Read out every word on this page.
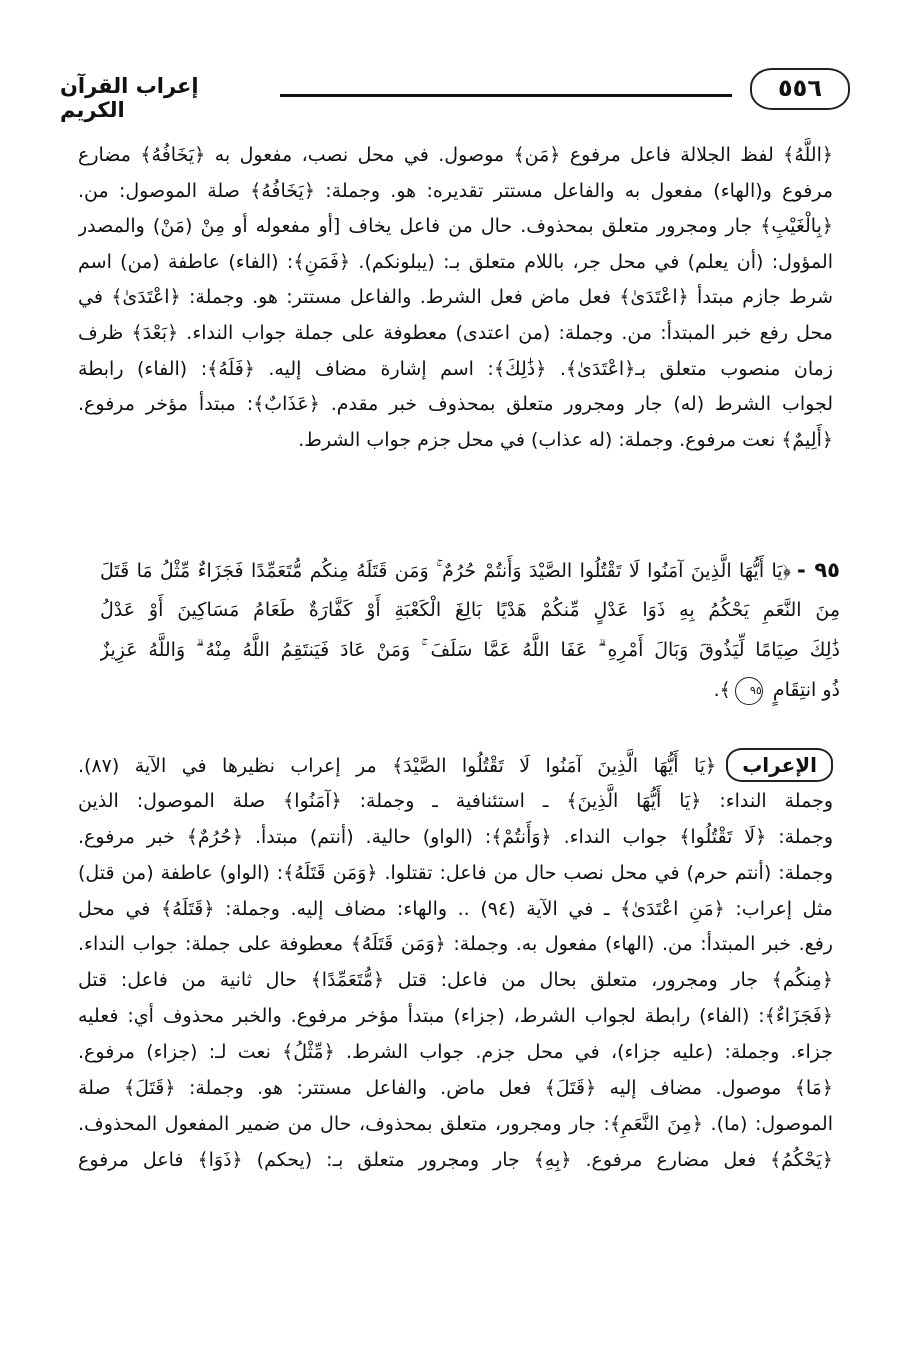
٥٥٦
إعراب القرآن الكريم
﴿اللَّهُ﴾ لفظ الجلالة فاعل مرفوع ﴿مَن﴾ موصول. في محل نصب، مفعول به ﴿يَخَافُهُ﴾ مضارع
مرفوع و(الهاء) مفعول به والفاعل مستتر تقديره: هو. وجملة: ﴿يَخَافُهُ﴾ صلة الموصول: من.
﴿بِالْغَيْبِ﴾ جار ومجرور متعلق بمحذوف. حال من فاعل يخاف [أو مفعوله أو مِنْ (مَنْ) والمصدر
المؤول: (أن يعلم) في محل جر، باللام متعلق بـ: (يبلونكم). ﴿فَمَنِ﴾: (الفاء) عاطفة (من) اسم
شرط جازم مبتدأ ﴿اعْتَدَىٰ﴾ فعل ماض فعل الشرط. والفاعل مستتر: هو. وجملة: ﴿اعْتَدَىٰ﴾ في
محل رفع خبر المبتدأ: من. وجملة: (من اعتدى) معطوفة على جملة جواب النداء. ﴿بَعْدَ﴾ ظرف
زمان منصوب متعلق بـ﴿اعْتَدَىٰ﴾. ﴿ذَٰلِكَ﴾: اسم إشارة مضاف إليه. ﴿فَلَهُ﴾: (الفاء) رابطة
لجواب الشرط (له) جار ومجرور متعلق بمحذوف خبر مقدم. ﴿عَذَابٌ﴾: مبتدأ مؤخر مرفوع.
﴿أَلِيمٌ﴾ نعت مرفوع. وجملة: (له عذاب) في محل جزم جواب الشرط.
٩٥ -﴿يَا أَيُّهَا الَّذِينَ آمَنُوا لَا تَقْتُلُوا الصَّيْدَ وَأَنتُمْ حُرُمٌ ۚ وَمَن قَتَلَهُ مِنكُم مُّتَعَمِّدًا فَجَزَاءٌ مِّثْلُ مَا قَتَلَ
مِنَ النَّعَمِ يَحْكُمُ بِهِ ذَوَا عَدْلٍ مِّنكُمْ هَدْيًا بَالِغَ الْكَعْبَةِ أَوْ كَفَّارَةٌ طَعَامُ مَسَاكِينَ أَوْ عَدْلُ
ذَٰلِكَ صِيَامًا لِّيَذُوقَ وَبَالَ أَمْرِهِ ۗ عَفَا اللَّهُ عَمَّا سَلَفَ ۚ وَمَنْ عَادَ فَيَنتَقِمُ اللَّهُ مِنْهُ ۗ وَاللَّهُ عَزِيزٌ
ذُو انتِقَامٍ ٩٥﴾.
الإعراب﴿يَا أَيُّهَا الَّذِينَ آمَنُوا لَا تَقْتُلُوا الصَّيْدَ﴾ مر إعراب نظيرها في الآية (٨٧).
وجملة النداء: ﴿يَا أَيُّهَا الَّذِينَ﴾ ـ استئنافية ـ وجملة: ﴿آمَنُوا﴾ صلة الموصول: الذين
وجملة: ﴿لَا تَقْتُلُوا﴾ جواب النداء. ﴿وَأَنتُمْ﴾: (الواو) حالية. (أنتم) مبتدأ. ﴿حُرُمٌ﴾ خبر مرفوع.
وجملة: (أنتم حرم) في محل نصب حال من فاعل: تقتلوا. ﴿وَمَن قَتَلَهُ﴾: (الواو) عاطفة (من قتل)
مثل إعراب: ﴿مَنِ اعْتَدَىٰ﴾ ـ في الآية (٩٤) .. والهاء: مضاف إليه. وجملة: ﴿قَتَلَهُ﴾ في محل
رفع. خبر المبتدأ: من. (الهاء) مفعول به. وجملة: ﴿وَمَن قَتَلَهُ﴾ معطوفة على جملة: جواب النداء.
﴿مِنكُم﴾ جار ومجرور، متعلق بحال من فاعل: قتل ﴿مُّتَعَمِّدًا﴾ حال ثانية من فاعل: قتل
﴿فَجَزَاءٌ﴾: (الفاء) رابطة لجواب الشرط، (جزاء) مبتدأ مؤخر مرفوع. والخبر محذوف أي: فعليه
جزاء. وجملة: (عليه جزاء)، في محل جزم. جواب الشرط. ﴿مِّثْلُ﴾ نعت لـ: (جزاء) مرفوع.
﴿مَا﴾ موصول. مضاف إليه ﴿قَتَلَ﴾ فعل ماض. والفاعل مستتر: هو. وجملة: ﴿قَتَلَ﴾ صلة
الموصول: (ما). ﴿مِنَ النَّعَمِ﴾: جار ومجرور، متعلق بمحذوف، حال من ضمير المفعول المحذوف.
﴿يَحْكُمُ﴾ فعل مضارع مرفوع. ﴿بِهِ﴾ جار ومجرور متعلق بـ: (يحكم) ﴿ذَوَا﴾ فاعل مرفوع
